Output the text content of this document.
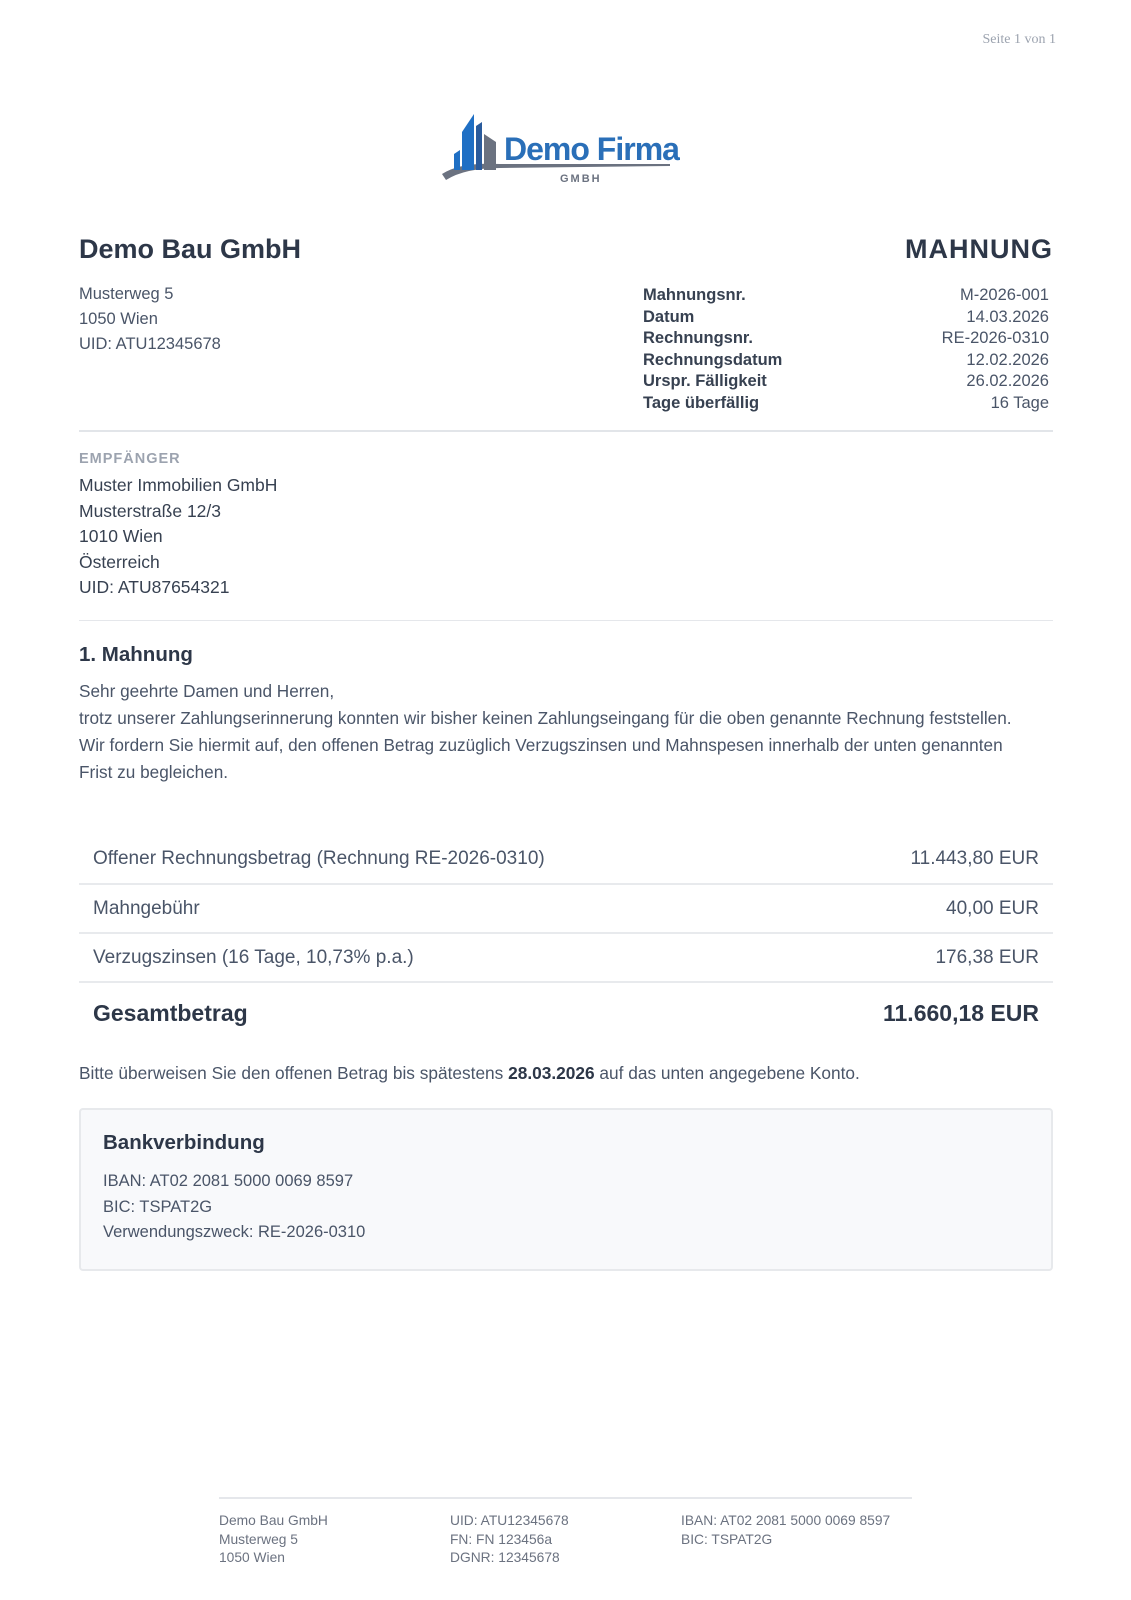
Seite 1 von 1
Demo Firma
GMBH
Demo Bau GmbH
Musterweg 5
1050 Wien
UID: ATU12345678
MAHNUNG
Mahnungsnr.	M-2026-001
Datum	14.03.2026
Rechnungsnr.	RE-2026-0310
Rechnungsdatum	12.02.2026
Urspr. Fälligkeit	26.02.2026
Tage überfällig	16 Tage
EMPFÄNGER
Muster Immobilien GmbH
Musterstraße 12/3
1010 Wien
Österreich
UID: ATU87654321
1. Mahnung
Sehr geehrte Damen und Herren,
trotz unserer Zahlungserinnerung konnten wir bisher keinen Zahlungseingang für die oben genannte Rechnung feststellen.
Wir fordern Sie hiermit auf, den offenen Betrag zuzüglich Verzugszinsen und Mahnspesen innerhalb der unten genannten Frist zu begleichen.
Offener Rechnungsbetrag (Rechnung RE-2026-0310)	11.443,80 EUR
Mahngebühr	40,00 EUR
Verzugszinsen (16 Tage, 10,73% p.a.)	176,38 EUR
Gesamtbetrag	11.660,18 EUR
Bitte überweisen Sie den offenen Betrag bis spätestens 28.03.2026 auf das unten angegebene Konto.
Bankverbindung
IBAN: AT02 2081 5000 0069 8597
BIC: TSPAT2G
Verwendungszweck: RE-2026-0310
Demo Bau GmbH
Musterweg 5
1050 Wien
UID: ATU12345678
FN: FN 123456a
DGNR: 12345678
IBAN: AT02 2081 5000 0069 8597
BIC: TSPAT2G
